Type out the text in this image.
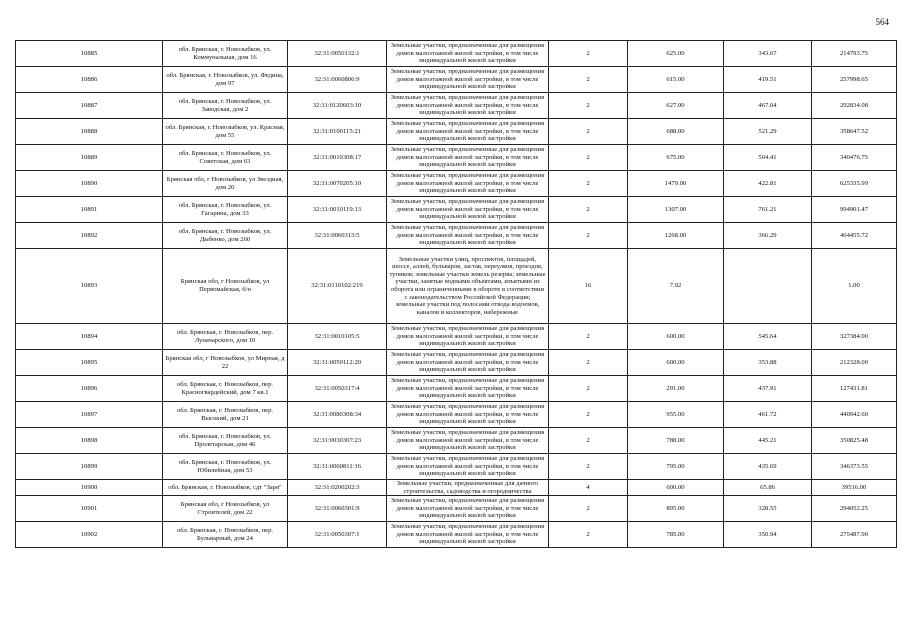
564
10885	обл. Брянская, г. Новозыбков, ул. Коммунальная, дом 16	32:31:0050132:1	Земельные участки, предназначенные для размещения домов малоэтажной жилой застройки, в том числе индивидуальной жилой застройки	2	625.00	343.67	214793.75
10886	обл. Брянская, г. Новозыбков, ул. Федина, дом 97	32:31:0060806:9	Земельные участки, предназначенные для размещения домов малоэтажной жилой застройки, в том числе индивидуальной жилой застройки	2	615.00	419.51	257998.65
10887	обл. Брянская, г. Новозыбков, ул. Заводская, дом 2	32:31:0120603:10	Земельные участки, предназначенные для размещения домов малоэтажной жилой застройки, в том числе индивидуальной жилой застройки	2	627.00	467.04	292834.08
10888	обл. Брянская, г. Новозыбков, ул. Красная, дом 55	32:31:0100115:21	Земельные участки, предназначенные для размещения домов малоэтажной жилой застройки, в том числе индивидуальной жилой застройки	2	688.00	521.29	358647.52
10889	обл. Брянская, г. Новозыбков, ул. Советская, дом 63	32:31:0010308:17	Земельные участки, предназначенные для размещения домов малоэтажной жилой застройки, в том числе индивидуальной жилой застройки	2	675.00	504.41	340476.75
10890	Брянская обл, г Новозыбков, ул Звездная, дом 20	32:31:0070205:10	Земельные участки, предназначенные для размещения домов малоэтажной жилой застройки, в том числе индивидуальной жилой застройки	2	1479.00	422.81	625335.99
10891	обл. Брянская, г. Новозыбков, ул. Гагарина, дом 33	32:31:0010119:13	Земельные участки, предназначенные для размещения домов малоэтажной жилой застройки, в том числе индивидуальной жилой застройки	2	1307.00	761.21	994901.47
10892	обл. Брянская, г. Новозыбков, ул. Дыбенко, дом 260	32:31:0060313:5	Земельные участки, предназначенные для размещения домов малоэтажной жилой застройки, в том числе индивидуальной жилой застройки	2	1268.00	366.29	464455.72
10893	Брянская обл, г Новозыбков, ул Первомайская, б/н	32:31:0110102:219	Земельные участки улиц, проспектов, площадей, шоссе, аллей, бульваров, застав, переулков, проездов, тупиков; земельные участки земель резерва; земельные участки, занятые водными объектами, изъятыми из оборота или ограниченными в обороте в соответствии с законодательством Российской Федерации; земельные участки под полосами отвода водоемов, каналов и коллекторов, набережные	16	7.92		1.00
10894	обл. Брянская, г. Новозыбков, пер. Луначарского, дом 10	32:31:0010105:5	Земельные участки, предназначенные для размещения домов малоэтажной жилой застройки, в том числе индивидуальной жилой застройки	2	600.00	545.64	327384.00
10895	Брянская обл, г Новозыбков, ул Мирная, д 22	32:31:0050112:20	Земельные участки, предназначенные для размещения домов малоэтажной жилой застройки, в том числе индивидуальной жилой застройки	2	600.00	353.88	212328.00
10896	обл. Брянская, г. Новозыбков, пер. Красногвардейский, дом 7 кв.1	32:31:0050317:4	Земельные участки, предназначенные для размещения домов малоэтажной жилой застройки, в том числе индивидуальной жилой застройки	2	291.00	437.91	127431.81
10897	обл. Брянская, г. Новозыбков, пер. Высокий, дом 21	32:31:0080308:34	Земельные участки, предназначенные для размещения домов малоэтажной жилой застройки, в том числе индивидуальной жилой застройки	2	955.00	461.72	440942.60
10898	обл. Брянская, г. Новозыбков, ул. Пролетарская, дом 46	32:31:0030307:23	Земельные участки, предназначенные для размещения домов малоэтажной жилой застройки, в том числе индивидуальной жилой застройки	2	788.00	445.21	350825.48
10899	обл. Брянская, г. Новозыбков, ул. Юбилейная, дом 53	32:31:0060811:16	Земельные участки, предназначенные для размещения домов малоэтажной жилой застройки, в том числе индивидуальной жилой застройки	2	795.00	435.69	346373.55
10900	обл. Брянская, г. Новозыбков, сдт "Заря"	32:31:0200202:3	Земельные участки, предназначенные для дачного строительства, садоводства и огородничества	4	600.00	65.86	39516.00
10901	Брянская обл, г Новозыбков, ул Строителей, дом 22	32:31:0060301:9	Земельные участки, предназначенные для размещения домов малоэтажной жилой застройки, в том числе индивидуальной жилой застройки	2	895.00	328.55	294052.25
10902	обл. Брянская, г. Новозыбков, пер. Бульварный, дом 24	32:31:0050307:1	Земельные участки, предназначенные для размещения домов малоэтажной жилой застройки, в том числе индивидуальной жилой застройки	2	785.00	350.94	275487.90
